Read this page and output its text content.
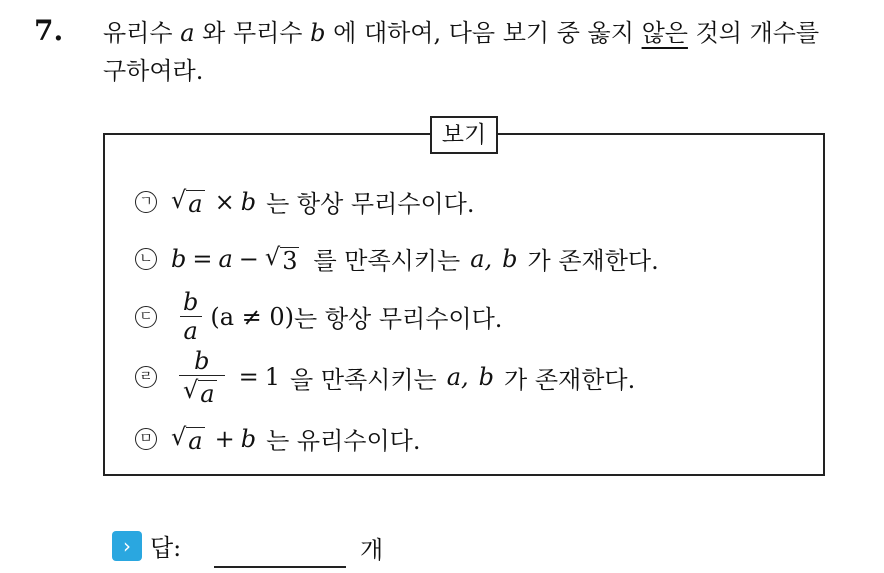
7. 유리수 a 와 무리수 b 에 대하여, 다음 보기 중 옳지 않은 것의 개수를
구하여라.
보기
ㄱ √ a × b 는 항상 무리수이다.
ㄴ b = a − √ 3 를 만족시키는 a, b 가 존재한다.
ㄷ $\frac{b}{a} (a \ne 0)$ 는 항상 무리수이다.
ㄹ $\frac{b}{√ a} = 1$ 을 만족시키는 a, b 가 존재한다.
ㅁ √ a + b 는 유리수이다.
› 답:	개
